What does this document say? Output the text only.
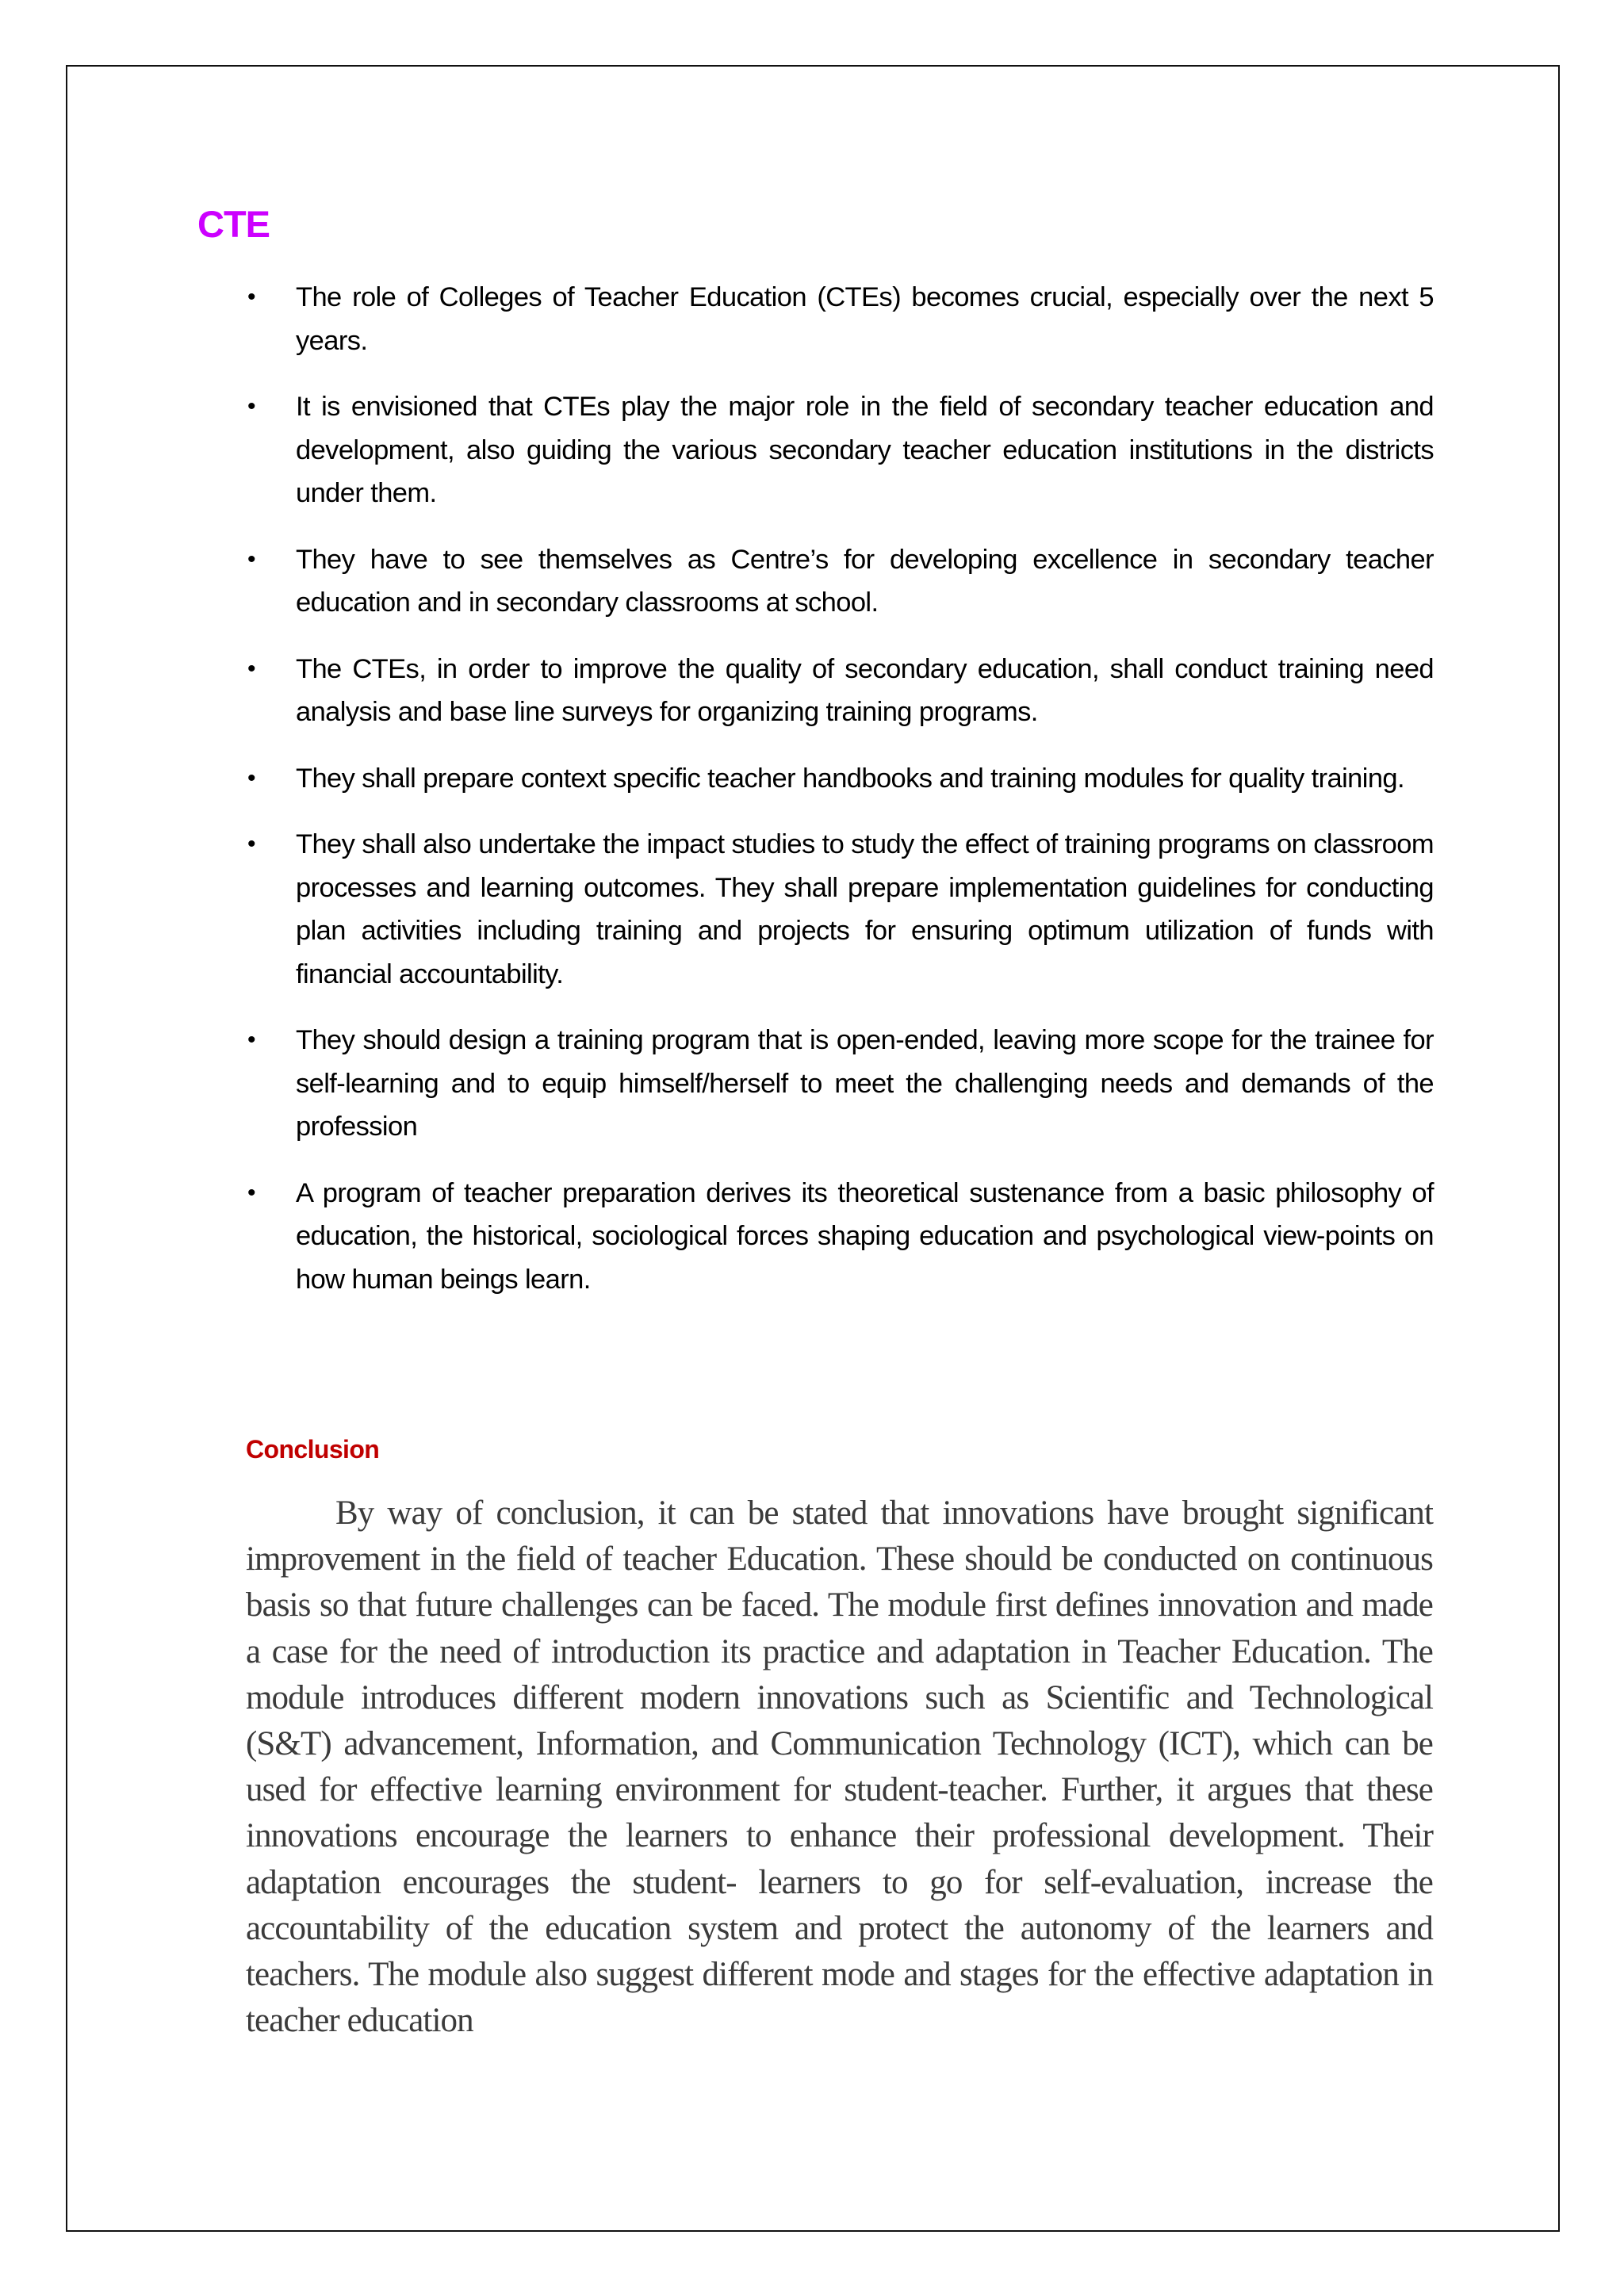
CTE
• The role of Colleges of Teacher Education (CTEs) becomes crucial, especially over the next 5 years.
• It is envisioned that CTEs play the major role in the field of secondary teacher education and development, also guiding the various secondary teacher education institutions in the districts under them.
• They have to see themselves as Centre’s for developing excellence in secondary teacher education and in secondary classrooms at school.
• The CTEs, in order to improve the quality of secondary education, shall conduct training need analysis and base line surveys for organizing training programs.
• They shall prepare context specific teacher handbooks and training modules for quality training.
• They shall also undertake the impact studies to study the effect of training programs on classroom processes and learning outcomes. They shall prepare implementation guidelines for conducting plan activities including training and projects for ensuring optimum utilization of funds with financial accountability.
• They should design a training program that is open-ended, leaving more scope for the trainee for self-learning and to equip himself/herself to meet the challenging needs and demands of the profession
• A program of teacher preparation derives its theoretical sustenance from a basic philosophy of education, the historical, sociological forces shaping education and psychological view-points on how human beings learn.
Conclusion

By way of conclusion, it can be stated that innovations have brought significant improvement in the field of teacher Education. These should be conducted on continuous basis so that future challenges can be faced. The module first defines innovation and made a case for the need of introduction its practice and adaptation in Teacher Education. The module introduces different modern innovations such as Scientific and Technological (S&T) advancement, Information, and Communication Technology (ICT), which can be used for effective learning environment for student-teacher. Further, it argues that these innovations encourage the learners to enhance their professional development. Their adaptation encourages the student- learners to go for self-evaluation, increase the accountability of the education system and protect the autonomy of the learners and teachers. The module also suggest different mode and stages for the effective adaptation in teacher education
